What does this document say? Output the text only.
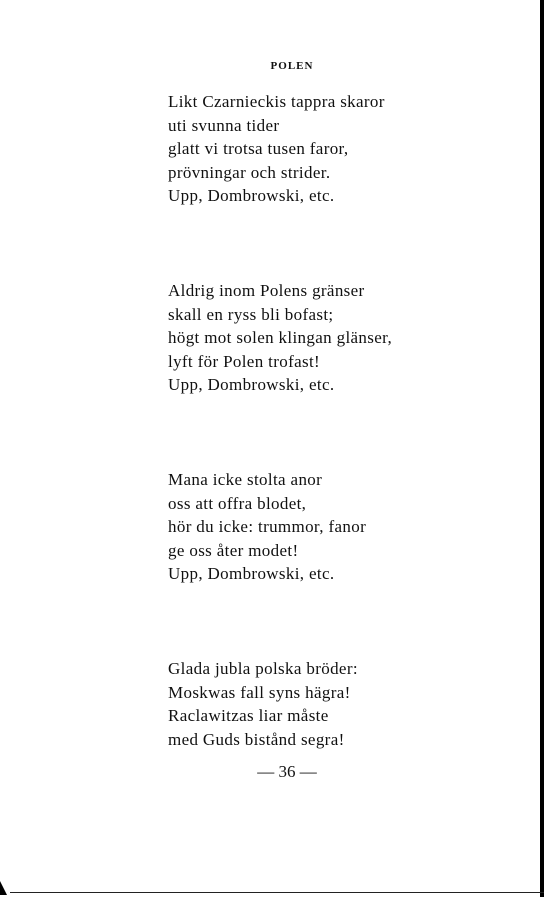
POLEN
Likt Czarnieckis tappra skaror
uti svunna tider
glatt vi trotsa tusen faror,
prövningar och strider.
Upp, Dombrowski, etc.
Aldrig inom Polens gränser
skall en ryss bli bofast;
högt mot solen klingan glänser,
lyft för Polen trofast!
Upp, Dombrowski, etc.
Mana icke stolta anor
oss att offra blodet,
hör du icke: trummor, fanor
ge oss åter modet!
Upp, Dombrowski, etc.
Glada jubla polska bröder:
Moskwas fall syns hägra!
Raclawitzas liar måste
med Guds bistånd segra!
— 36 —
